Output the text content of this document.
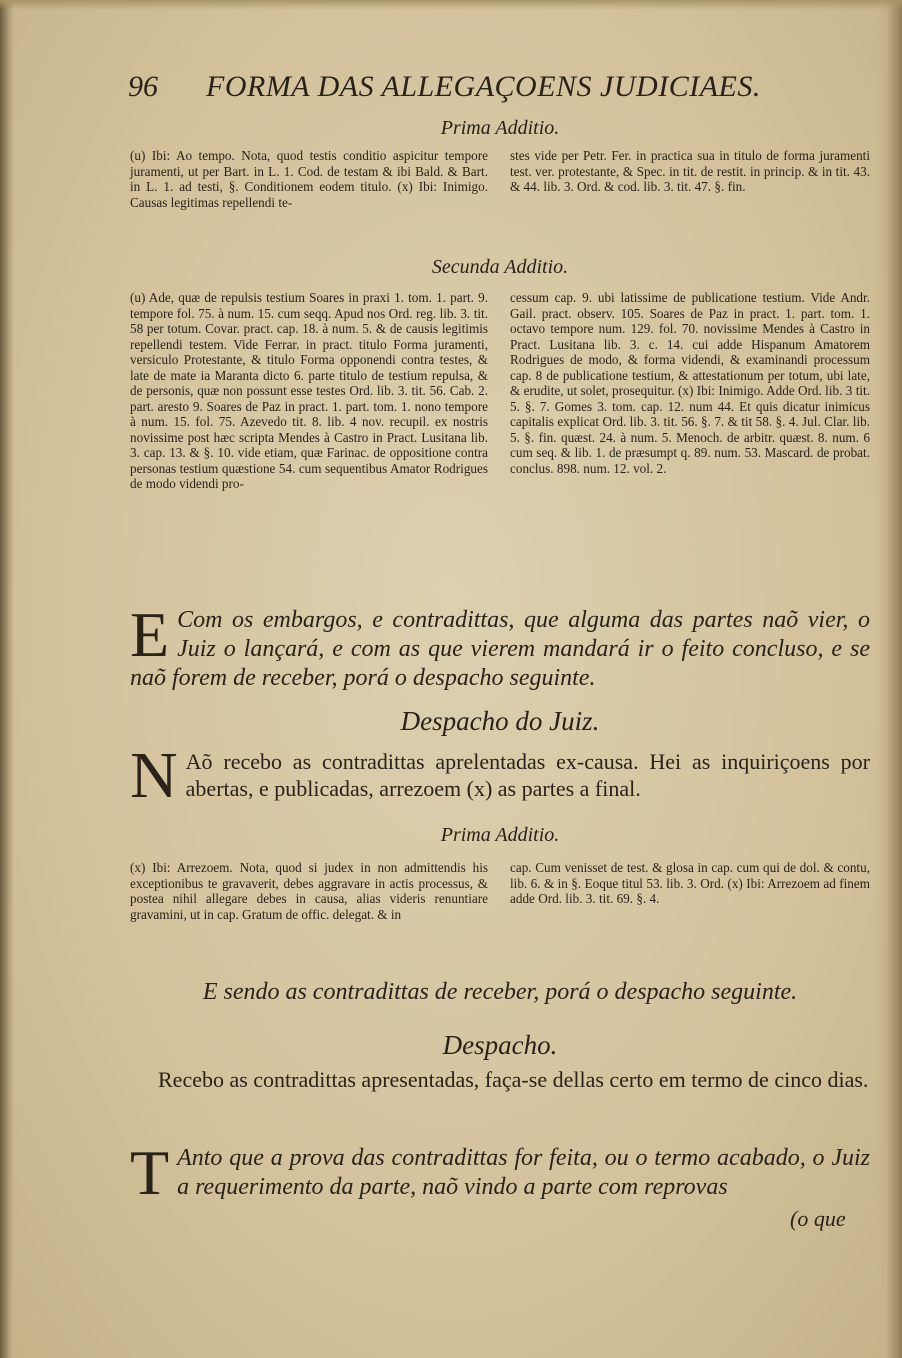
96 FORMA DAS ALLEGAÇOENS JUDICIAES.
Prima Additio.

(u) Ibi: Ao tempo. Nota, quod testis conditio aspicitur tempore juramenti, ut per Bart. in L. 1. Cod. de testam & ibi Bald. & Bart. in L. 1. ad testi, §. Conditionem eodem titulo. (x) Ibi: Inimigo. Causas legitimas repellendi te-

stes vide per Petr. Fer. in practica sua in titulo de forma juramenti test. ver. protestante, & Spec. in tit. de restit. in princip. & in tit. 43. & 44. lib. 3. Ord. & cod. lib. 3. tit. 47. §. fin.

Secunda Additio.

(u) Ade, quæ de repulsis testium Soares in praxi 1. tom. 1. part. 9. tempore fol. 75. à num. 15. cum seqq. Apud nos Ord. reg. lib. 3. tit. 58 per totum. Covar. pract. cap. 18. à num. 5. & de causis legitimis repellendi testem. Vide Ferrar. in pract. titulo Forma juramenti, versiculo Protestante, & titulo Forma opponendi contra testes, & late de mate ia Maranta dicto 6. parte titulo de testium repulsa, & de personis, quæ non possunt esse testes Ord. lib. 3. tit. 56. Cab. 2. part. aresto 9. Soares de Paz in pract. 1. part. tom. 1. nono tempore à num. 15. fol. 75. Azevedo tit. 8. lib. 4 nov. recupil. ex nostris novissime post hæc scripta Mendes à Castro in Pract. Lusitana lib. 3. cap. 13. & §. 10. vide etiam, quæ Farinac. de oppositione contra personas testium quæstione 54. cum sequentibus Amator Rodrigues de modo videndi pro-

cessum cap. 9. ubi latissime de publicatione testium. Vide Andr. Gail. pract. observ. 105. Soares de Paz in pract. 1. part. tom. 1. octavo tempore num. 129. fol. 70. novissime Mendes à Castro in Pract. Lusitana lib. 3. c. 14. cui adde Hispanum Amatorem Rodrigues de modo, & forma videndi, & examinandi processum cap. 8 de publicatione testium, & attestationum per totum, ubi late, & erudite, ut solet, prosequitur. (x) Ibi: Inimigo. Adde Ord. lib. 3 tit. 5. §. 7. Gomes 3. tom. cap. 12. num 44. Et quis dicatur inimicus capitalis explicat Ord. lib. 3. tit. 56. §. 7. & tit 58. §. 4. Jul. Clar. lib. 5. §. fin. quæst. 24. à num. 5. Menoch. de arbitr. quæst. 8. num. 6 cum seq. & lib. 1. de præsumpt q. 89. num. 53. Mascard. de probat. conclus. 898. num. 12. vol. 2.

E Com os embargos, e contradittas, que alguma das partes naõ vier, o Juiz o lançará, e com as que vierem mandará ir o feito concluso, e se naõ forem de receber, porá o despacho seguinte.
Despacho do Juiz.
N Aõ recebo as contradittas aprelentadas ex-causa. Hei as inquiriçoens por abertas, e publicadas, arrezoem (x) as partes a final.
Prima Additio.

(x) Ibi: Arrezoem. Nota, quod si judex in non admittendis his exceptionibus te gravaverit, debes aggravare in actis processus, & postea nihil allegare debes in causa, alias videris renuntiare gravamini, ut in cap. Gratum de offic. delegat. & in

cap. Cum venisset de test. & glosa in cap. cum qui de dol. & contu, lib. 6. & in §. Eoque titul 53. lib. 3. Ord. (x) Ibi: Arrezoem ad finem adde Ord. lib. 3. tit. 69. §. 4.

E sendo as contradittas de receber, porá o despacho seguinte.
Despacho.
Recebo as contradittas apresentadas, faça-se dellas certo em termo de cinco dias.
T Anto que a prova das contradittas for feita, ou o termo acabado, o Juiz a requerimento da parte, naõ vindo a parte com reprovas
(o que
